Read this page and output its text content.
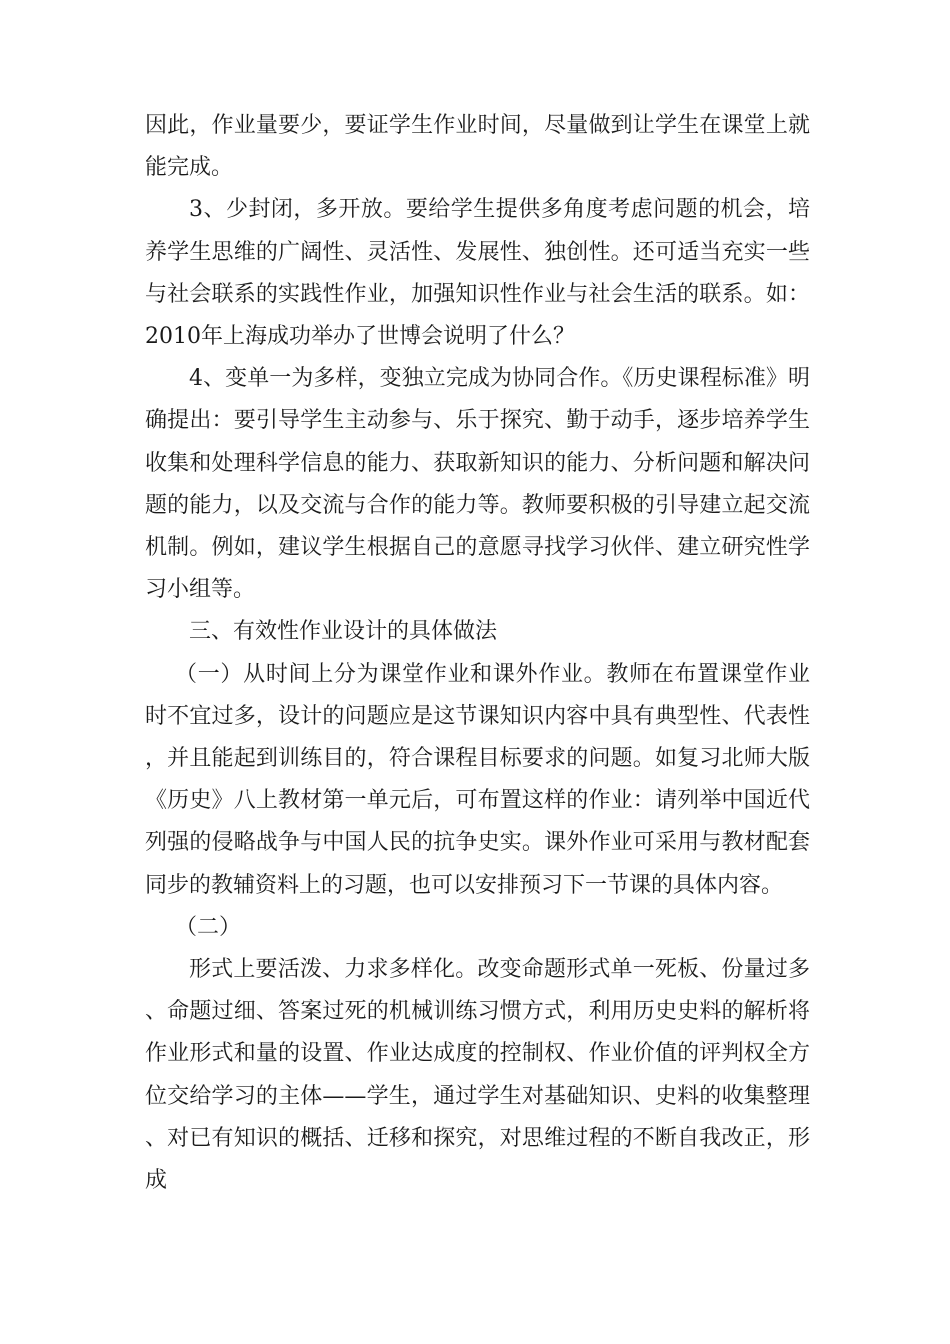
因此，作业量要少，要证学生作业时间，尽量做到让学生在课堂上就能完成。

3、少封闭，多开放。要给学生提供多角度考虑问题的机会，培养学生思维的广阔性、灵活性、发展性、独创性。还可适当充实一些与社会联系的实践性作业，加强知识性作业与社会生活的联系。如：2010年上海成功举办了世博会说明了什么？

4、变单一为多样，变独立完成为协同合作。《历史课程标准》明确提出：要引导学生主动参与、乐于探究、勤于动手，逐步培养学生收集和处理科学信息的能力、获取新知识的能力、分析问题和解决问题的能力，以及交流与合作的能力等。教师要积极的引导建立起交流机制。例如，建议学生根据自己的意愿寻找学习伙伴、建立研究性学习小组等。

三、有效性作业设计的具体做法

（一）从时间上分为课堂作业和课外作业。教师在布置课堂作业时不宜过多，设计的问题应是这节课知识内容中具有典型性、代表性，并且能起到训练目的，符合课程目标要求的问题。如复习北师大版《历史》八上教材第一单元后，可布置这样的作业：请列举中国近代列强的侵略战争与中国人民的抗争史实。课外作业可采用与教材配套同步的教辅资料上的习题，也可以安排预习下一节课的具体内容。

（二）

形式上要活泼、力求多样化。改变命题形式单一死板、份量过多、命题过细、答案过死的机械训练习惯方式，利用历史史料的解析将作业形式和量的设置、作业达成度的控制权、作业价值的评判权全方位交给学习的主体——学生，通过学生对基础知识、史料的收集整理、对已有知识的概括、迁移和探究，对思维过程的不断自我改正，形成
